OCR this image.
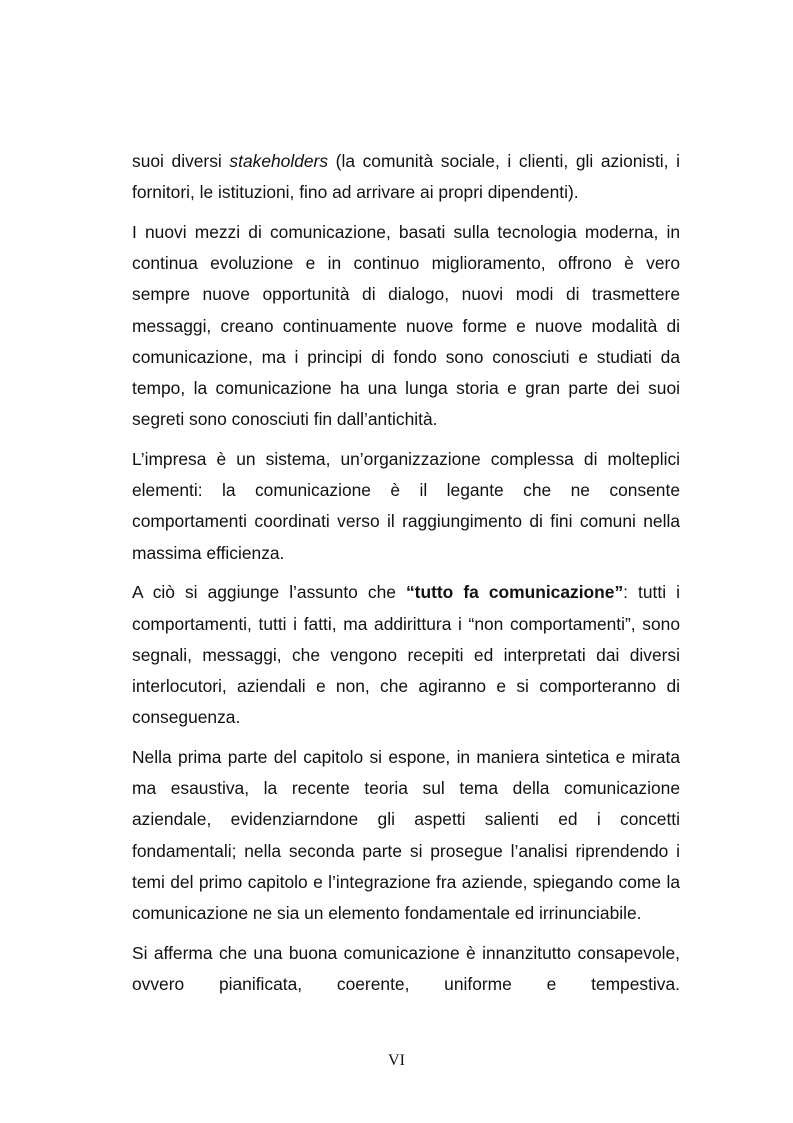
suoi diversi stakeholders (la comunità sociale, i clienti, gli azionisti, i fornitori, le istituzioni, fino ad arrivare ai propri dipendenti).

I nuovi mezzi di comunicazione, basati sulla tecnologia moderna, in continua evoluzione e in continuo miglioramento, offrono è vero sempre nuove opportunità di dialogo, nuovi modi di trasmettere messaggi, creano continuamente nuove forme e nuove modalità di comunicazione, ma i principi di fondo sono conosciuti e studiati da tempo, la comunicazione ha una lunga storia e gran parte dei suoi segreti sono conosciuti fin dall’antichità.

L’impresa è un sistema, un’organizzazione complessa di molteplici elementi: la comunicazione è il legante che ne consente comportamenti coordinati verso il raggiungimento di fini comuni nella massima efficienza.

A ciò si aggiunge l’assunto che “tutto fa comunicazione”: tutti i comportamenti, tutti i fatti, ma addirittura i “non comportamenti”, sono segnali, messaggi, che vengono recepiti ed interpretati dai diversi interlocutori, aziendali e non, che agiranno e si comporteranno di conseguenza.

Nella prima parte del capitolo si espone, in maniera sintetica e mirata ma esaustiva, la recente teoria sul tema della comunicazione aziendale, evidenziarndone gli aspetti salienti ed i concetti fondamentali; nella seconda parte si prosegue l’analisi riprendendo i temi del primo capitolo e l’integrazione fra aziende, spiegando come la comunicazione ne sia un elemento fondamentale ed irrinunciabile.

Si afferma che una buona comunicazione è innanzitutto consapevole, ovvero pianificata, coerente, uniforme e tempestiva.

VI
